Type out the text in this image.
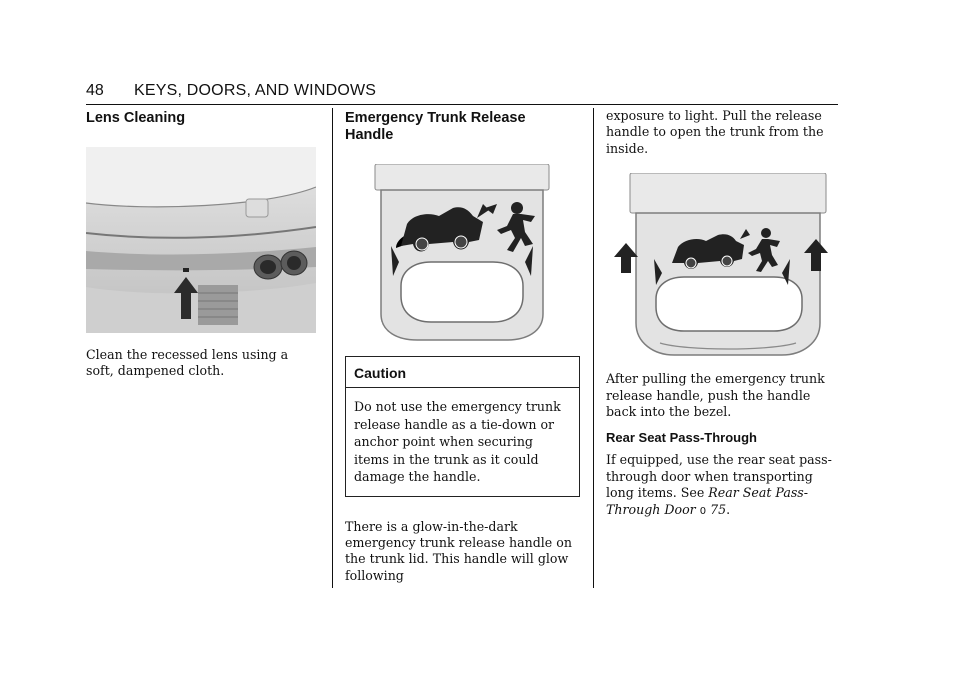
48 KEYS, DOORS, AND WINDOWS
Lens Cleaning

Clean the recessed lens using a soft, dampened cloth.

Emergency Trunk Release Handle
Caution
Do not use the emergency trunk release handle as a tie-down or anchor point when securing items in the trunk as it could damage the handle.

There is a glow-in-the-dark emergency trunk release handle on the trunk lid. This handle will glow following

exposure to light. Pull the release handle to open the trunk from the inside.

After pulling the emergency trunk release handle, push the handle back into the bezel.

Rear Seat Pass-Through

If equipped, use the rear seat pass-through door when transporting long items. See Rear Seat Pass-Through Door 0 75.
